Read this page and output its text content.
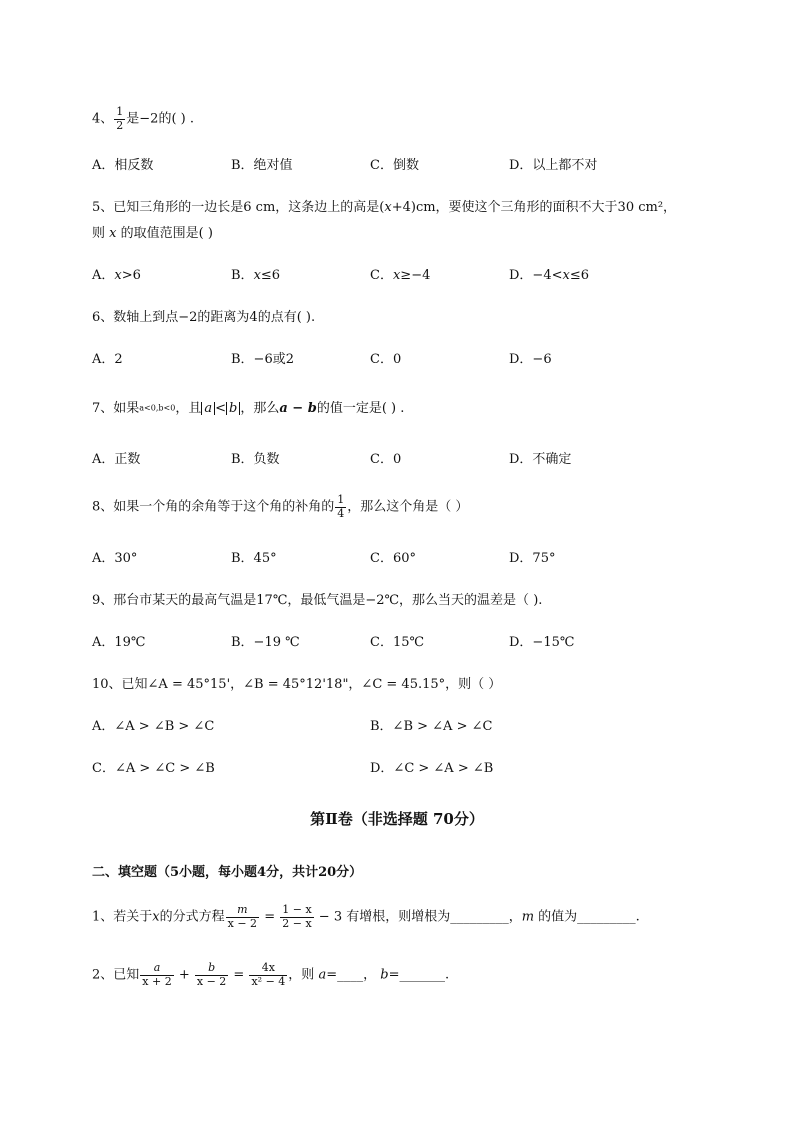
4、 $\frac{1}{2}$ 是−2的( ) .
A．相反数	B．绝对值	C．倒数	D．以上都不对
5、已知三角形的一边长是6 cm，这条边上的高是(x+4)cm，要使这个三角形的面积不大于30 cm²，
则 x 的取值范围是( )
A．x>6	B．x≤6	C．x≥−4	D．−4<x≤6
6、数轴上到点−2的距离为4的点有( ).
A．2	B．−6或2	C．0	D．−6
7、如果a<0,b<0，且 a < b ，那么a − b的值一定是( ) .
A．正数	B．负数	C．0	D．不确定
8、如果一个角的余角等于这个角的补角的 $\frac{1}{4}$ ，那么这个角是（ ）
A．30°	B．45°	C．60°	D．75°
9、邢台市某天的最高气温是17℃，最低气温是−2℃，那么当天的温差是（ ).
A．19℃	B．−19 ℃	C．15℃	D．−15℃
10、已知∠A = 45°15'，∠B = 45°12'18"，∠C = 45.15°，则（ ）
A．∠A > ∠B > ∠C	B．∠B > ∠A > ∠C
C．∠A > ∠C > ∠B	D．∠C > ∠A > ∠B
第Ⅱ卷（非选择题 70分）
二、填空题（5小题，每小题4分，共计20分）
1、若关于x的分式方程 $\frac{m}{x - 2} = \frac{1 - x}{2 - x} - 3$ 有增根，则增根为_________，m 的值为_________.
2、已知 $\frac{a}{x + 2} + \frac{b}{x - 2} = \frac{4x}{\text{x² − 4}}$ ，则 a=____， b=_______.
